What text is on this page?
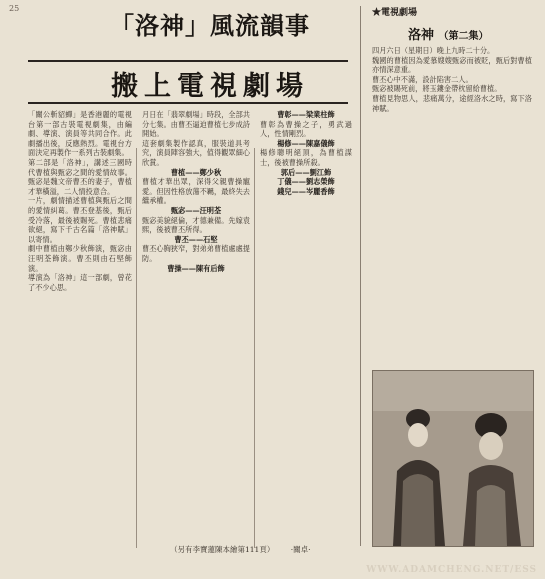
25
「洛神」風流韻事
搬上電視劇場

「關公斬貂蟬」是香港麗的電視台第一部古裝電視劇集，由編劇、導演、演員等共同合作。此劇播出後，反應熱烈。電視台方面決定再製作一系列古裝劇集。

第二部是「洛神」，講述三國時代曹植與甄宓之間的愛情故事。甄宓是魏文帝曹丕的妻子，曹植才華橫溢，二人情投意合。

一片，劇情描述曹植與甄后之間的愛情糾葛。曹丕登基後，甄后受冷落，最後被賜死。曹植悲痛欲絕，寫下千古名篇「洛神賦」以寄情。

劇中曹植由鄭少秋飾演，甄宓由汪明荃飾演。曹丕則由石堅飾演。

導演為「洛神」這一部劇，曾花了不少心思。

月日在「翡翠劇場」時段，全部共分七集。由曹丕逼迫曹植七步成詩開始。

這套劇集製作認真，服裝道具考究，演員陣容強大，值得觀眾細心欣賞。

曹植——鄭少秋

曹植才華出眾，深得父親曹操寵愛。但因性格放蕩不羈，最終失去繼承權。

甄宓——汪明荃

甄宓美貌絕倫，才德兼備。先嫁袁熙，後被曹丕所得。

曹丕——石堅

曹丕心胸狹窄，對弟弟曹植處處提防。

曹操——陳有后飾

曹彰——梁業柱飾

曹彰為曹操之子，勇武過人，性情剛烈。

楊修——陳嘉儀飾

楊修聰明絕頂，為曹植謀士，後被曹操所殺。

郭后——劉江飾

丁儀——劉志榮飾

錢兒——岑麗香飾

★電視劇場
洛神 （第二集）

四月六日（星期日）晚上九時二十分。

魏國的曹植因為愛慕嫂嫂甄宓而被貶，甄后對曹植亦情深意重。

曹丕心中不滿，設計陷害二人。

甄宓被賜死前，將玉鏤金帶枕留給曹植。

曹植見物思人，悲痛萬分，途經洛水之時，寫下洛神賦。

（另有李寶蓮陳本繪第111頁） ·關卓·
WWW.ADAMCHENG.NET/ESS
